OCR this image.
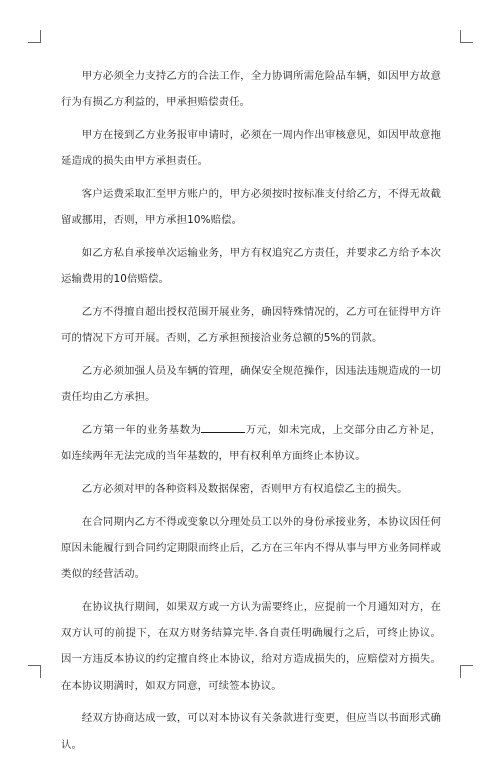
甲方必须全力支持乙方的合法工作，全力协调所需危险品车辆，如因甲方故意行为有损乙方利益的，甲承担赔偿责任。

甲方在接到乙方业务报审申请时，必须在一周内作出审核意见，如因甲故意拖延造成的损失由甲方承担责任。

客户运费采取汇至甲方账户的，甲方必须按时按标准支付给乙方，不得无故截留或挪用，否则，甲方承担10%赔偿。

如乙方私自承接单次运输业务，甲方有权追究乙方责任，并要求乙方给予本次运输费用的10倍赔偿。

乙方不得擅自超出授权范围开展业务，确因特殊情况的，乙方可在征得甲方许可的情况下方可开展。否则，乙方承担预接洽业务总额的5%的罚款。

乙方必须加强人员及车辆的管理，确保安全规范操作，因违法违规造成的一切责任均由乙方承担。

乙方第一年的业务基数为	万元，如未完成，上交部分由乙方补足，如连续两年无法完成的当年基数的，甲有权利单方面终止本协议。

乙方必须对甲的各种资料及数据保密，否则甲方有权追偿乙主的损失。

在合同期内乙方不得或变象以分理处员工以外的身份承接业务，本协议因任何原因未能履行到合同约定期限而终止后，乙方在三年内不得从事与甲方业务同样或类似的经营活动。

在协议执行期间，如果双方或一方认为需要终止，应提前一个月通知对方，在双方认可的前提下，在双方财务结算完毕.各自责任明确履行之后，可终止协议。因一方违反本协议的约定擅自终止本协议，给对方造成损失的，应赔偿对方损失。在本协议期满时，如双方同意，可续签本协议。

经双方协商达成一致，可以对本协议有关条款进行变更，但应当以书面形式确认。
